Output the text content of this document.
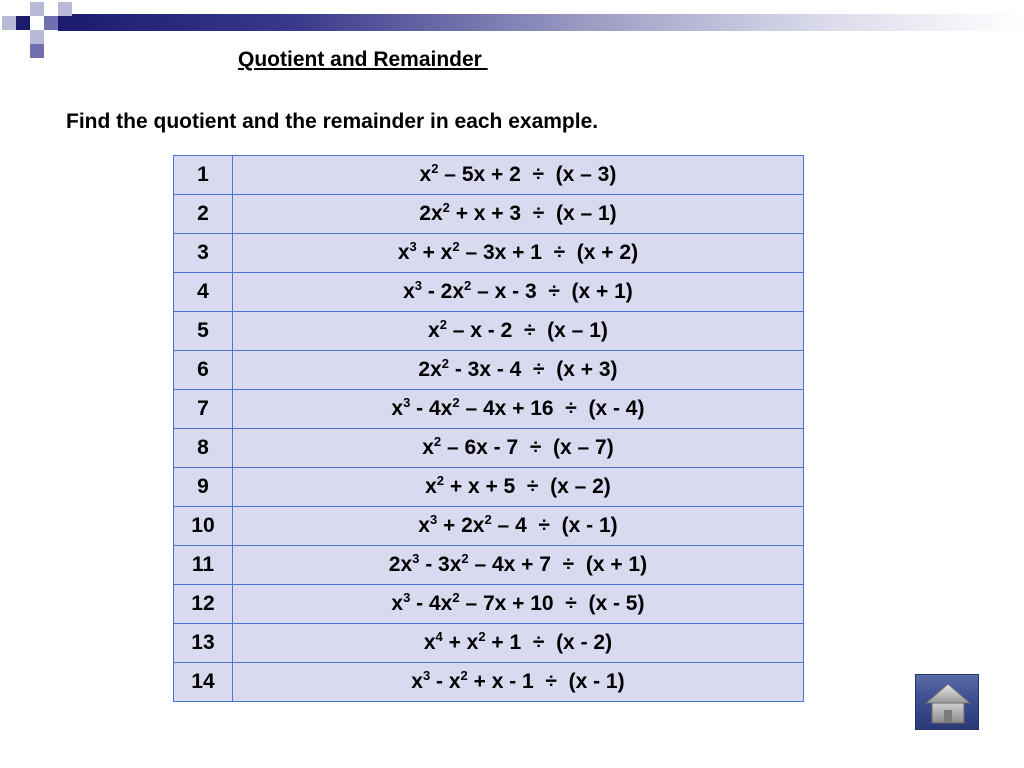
Quotient and Remainder
Find the quotient and the remainder in each example.
1	$x^2 - 5x + 2 \div (x - 3)$
2	$2x^2 + x + 3 \div (x - 1)$
3	$x^3 + x^2 - 3x + 1 \div (x + 2)$
4	$x^3 - 2x^2 - x - 3 \div (x + 1)$
5	$x^2 - x - 2 \div (x - 1)$
6	$2x^2 - 3x - 4 \div (x + 3)$
7	$x^3 - 4x^2 - 4x + 16 \div (x - 4)$
8	$x^2 - 6x - 7 \div (x - 7)$
9	$x^2 + x + 5 \div (x - 2)$
10	$x^3 + 2x^2 - 4 \div (x - 1)$
11	$2x^3 - 3x^2 - 4x + 7 \div (x + 1)$
12	$x^3 - 4x^2 - 7x + 10 \div (x - 5)$
13	$x^4 + x^2 + 1 \div (x - 2)$
14	$x^3 - x^2 + x - 1 \div (x - 1)$
